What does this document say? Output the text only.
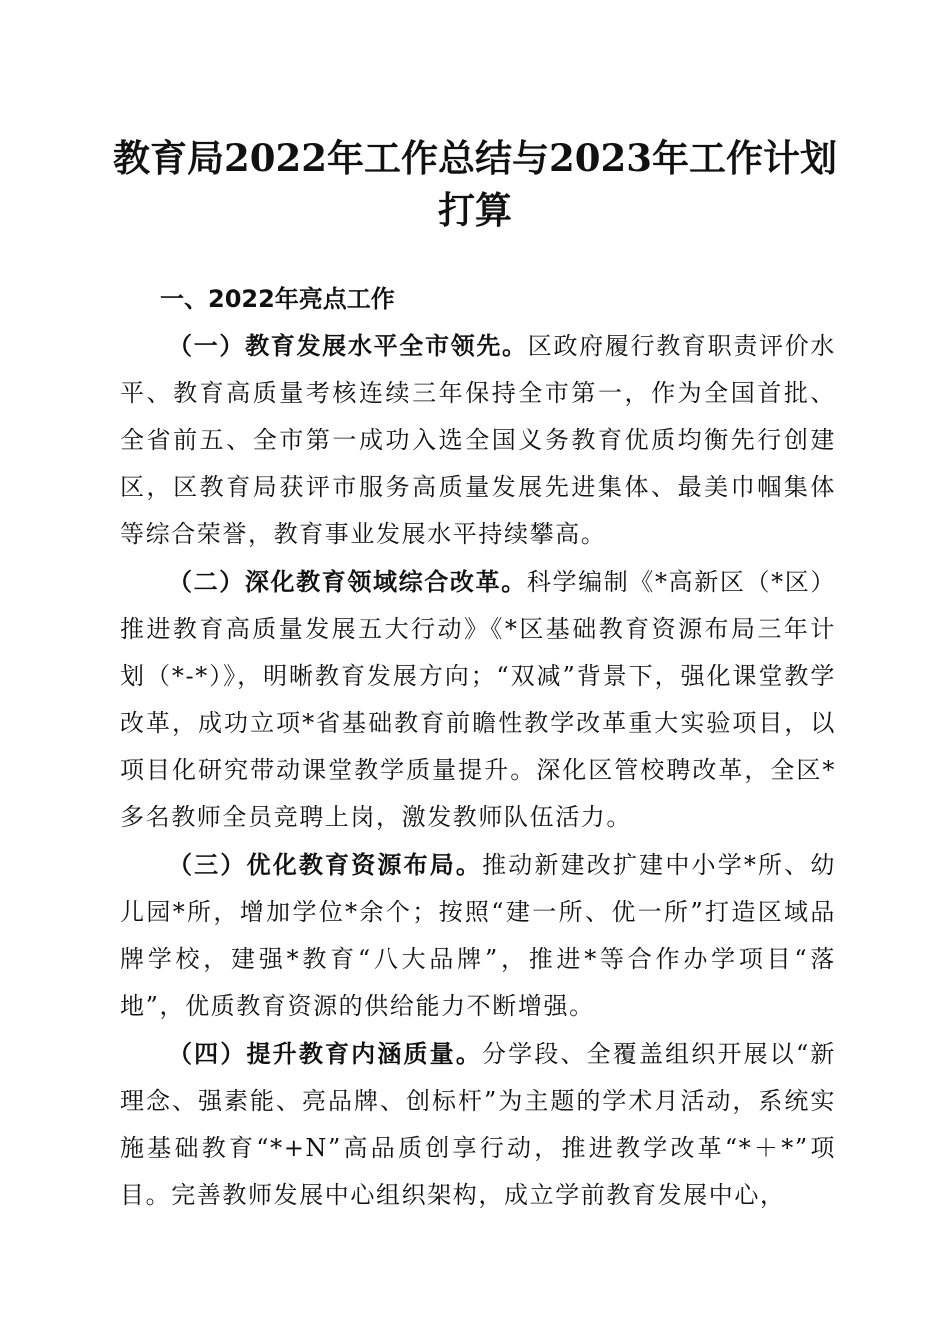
教育局2022年工作总结与2023年工作计划打算
一、2022年亮点工作

（一）教育发展水平全市领先。区政府履行教育职责评价水平、教育高质量考核连续三年保持全市第一，作为全国首批、全省前五、全市第一成功入选全国义务教育优质均衡先行创建区，区教育局获评市服务高质量发展先进集体、最美巾帼集体等综合荣誉，教育事业发展水平持续攀高。

（二）深化教育领域综合改革。科学编制《*高新区（*区）推进教育高质量发展五大行动》《*区基础教育资源布局三年计划（*-*）》，明晰教育发展方向；“双减”背景下，强化课堂教学改革，成功立项*省基础教育前瞻性教学改革重大实验项目，以项目化研究带动课堂教学质量提升。深化区管校聘改革，全区*多名教师全员竞聘上岗，激发教师队伍活力。

（三）优化教育资源布局。推动新建改扩建中小学*所、幼儿园*所，增加学位*余个；按照“建一所、优一所”打造区域品牌学校，建强*教育“八大品牌”，推进*等合作办学项目“落地”，优质教育资源的供给能力不断增强。

（四）提升教育内涵质量。分学段、全覆盖组织开展以“新理念、强素能、亮品牌、创标杆”为主题的学术月活动，系统实施基础教育“*+N”高品质创享行动，推进教学改革“*＋*”项目。完善教师发展中心组织架构，成立学前教育发展中心，
